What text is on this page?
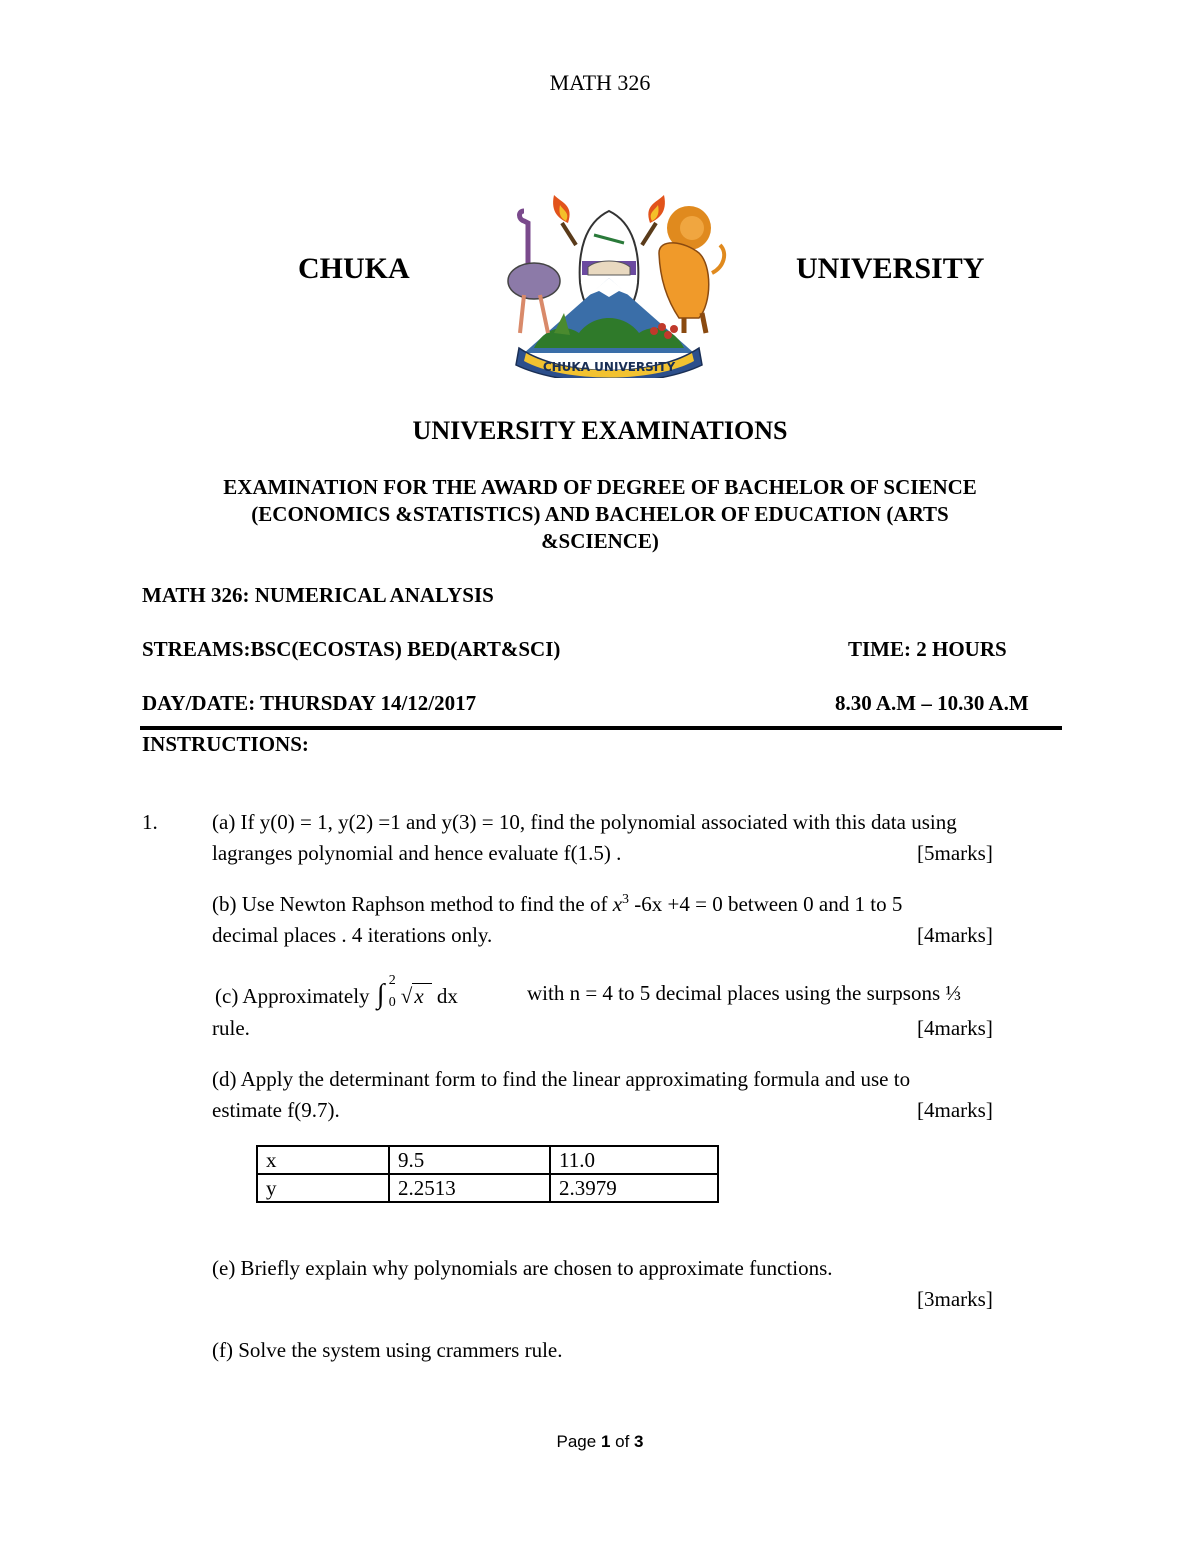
MATH 326
CHUKA	UNIVERSITY
CHUKA UNIVERSITY
UNIVERSITY EXAMINATIONS
EXAMINATION FOR THE AWARD OF DEGREE OF BACHELOR OF SCIENCE
(ECONOMICS &STATISTICS) AND BACHELOR OF EDUCATION (ARTS
&SCIENCE)
MATH 326: NUMERICAL ANALYSIS
STREAMS:BSC(ECOSTAS) BED(ART&SCI)	TIME: 2 HOURS
DAY/DATE: THURSDAY 14/12/2017	8.30 A.M – 10.30 A.M
INSTRUCTIONS:
1.	(a) If y(0) = 1, y(2) =1 and y(3) = 10, find the polynomial associated with this data using
lagranges polynomial and hence evaluate f(1.5) .	[5marks]
(b) Use Newton Raphson method to find the of $x^3$ -6x +4 = 0 between 0 and 1 to 5
decimal places . 4 iterations only.	[4marks]
(c) Approximately ∫ 2
0 √x dx	with n = 4 to 5 decimal places using the surpsons ⅓
rule.	[4marks]
(d) Apply the determinant form to find the linear approximating formula and use to
estimate f(9.7).	[4marks]
x	9.5	11.0
y	2.2513	2.3979
(e) Briefly explain why polynomials are chosen to approximate functions.
[3marks]
(f) Solve the system using crammers rule.
Page 1 of 3
